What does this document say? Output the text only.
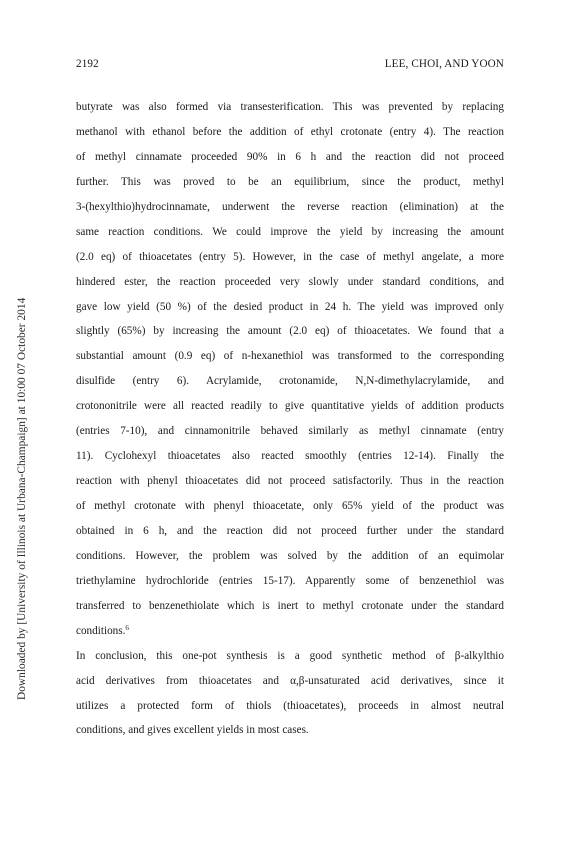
2192	LEE, CHOI, AND YOON
Downloaded by [University of Illinois at Urbana-Champaign] at 10:00 07 October 2014
butyrate was also formed via transesterification. This was prevented by replacing
methanol with ethanol before the addition of ethyl crotonate (entry 4). The reaction
of methyl cinnamate proceeded 90% in 6 h and the reaction did not proceed
further. This was proved to be an equilibrium, since the product, methyl
3-(hexylthio)hydrocinnamate, underwent the reverse reaction (elimination) at the
same reaction conditions. We could improve the yield by increasing the amount
(2.0 eq) of thioacetates (entry 5). However, in the case of methyl angelate, a more
hindered ester, the reaction proceeded very slowly under standard conditions, and
gave low yield (50 %) of the desied product in 24 h. The yield was improved only
slightly (65%) by increasing the amount (2.0 eq) of thioacetates. We found that a
substantial amount (0.9 eq) of n-hexanethiol was transformed to the corresponding
disulfide (entry 6). Acrylamide, crotonamide, N,N-dimethylacrylamide, and
crotononitrile were all reacted readily to give quantitative yields of addition products
(entries 7-10), and cinnamonitrile behaved similarly as methyl cinnamate (entry
11). Cyclohexyl thioacetates also reacted smoothly (entries 12-14). Finally the
reaction with phenyl thioacetates did not proceed satisfactorily. Thus in the reaction
of methyl crotonate with phenyl thioacetate, only 65% yield of the product was
obtained in 6 h, and the reaction did not proceed further under the standard
conditions. However, the problem was solved by the addition of an equimolar
triethylamine hydrochloride (entries 15-17). Apparently some of benzenethiol was
transferred to benzenethiolate which is inert to methyl crotonate under the standard
conditions.$^6$
In conclusion, this one-pot synthesis is a good synthetic method of β-alkylthio
acid derivatives from thioacetates and α,β-unsaturated acid derivatives, since it
utilizes a protected form of thiols (thioacetates), proceeds in almost neutral
conditions, and gives excellent yields in most cases.
